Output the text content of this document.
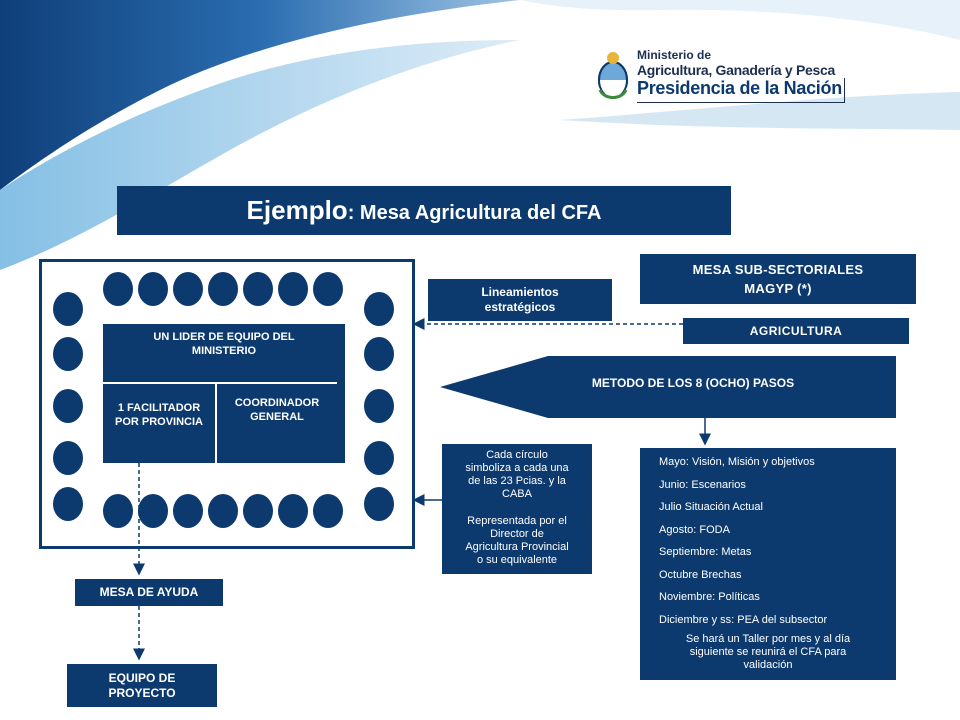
Ministerio de
Agricultura, Ganadería y Pesca
Presidencia de la Nación
Ejemplo: Mesa Agricultura del CFA
UN LIDER DE EQUIPO DEL
MINISTERIO
1 FACILITADOR
POR PROVINCIA
COORDINADOR
GENERAL
Lineamientos
estratégicos
MESA SUB-SECTORIALES
MAGYP (*)
AGRICULTURA
METODO DE LOS 8 (OCHO) PASOS
Cada círculo
simboliza a cada una
de las 23 Pcias. y la
CABA
Representada por el
Director de
Agricultura Provincial
o su equivalente
Mayo: Visión, Misión y objetivos
Junio: Escenarios
Julio Situación Actual
Agosto: FODA
Septiembre: Metas
Octubre Brechas
Noviembre: Políticas
Diciembre y ss: PEA del subsector
Se hará un Taller por mes y al día
siguiente se reunirá el CFA para
validación
MESA DE AYUDA
EQUIPO DE
PROYECTO
